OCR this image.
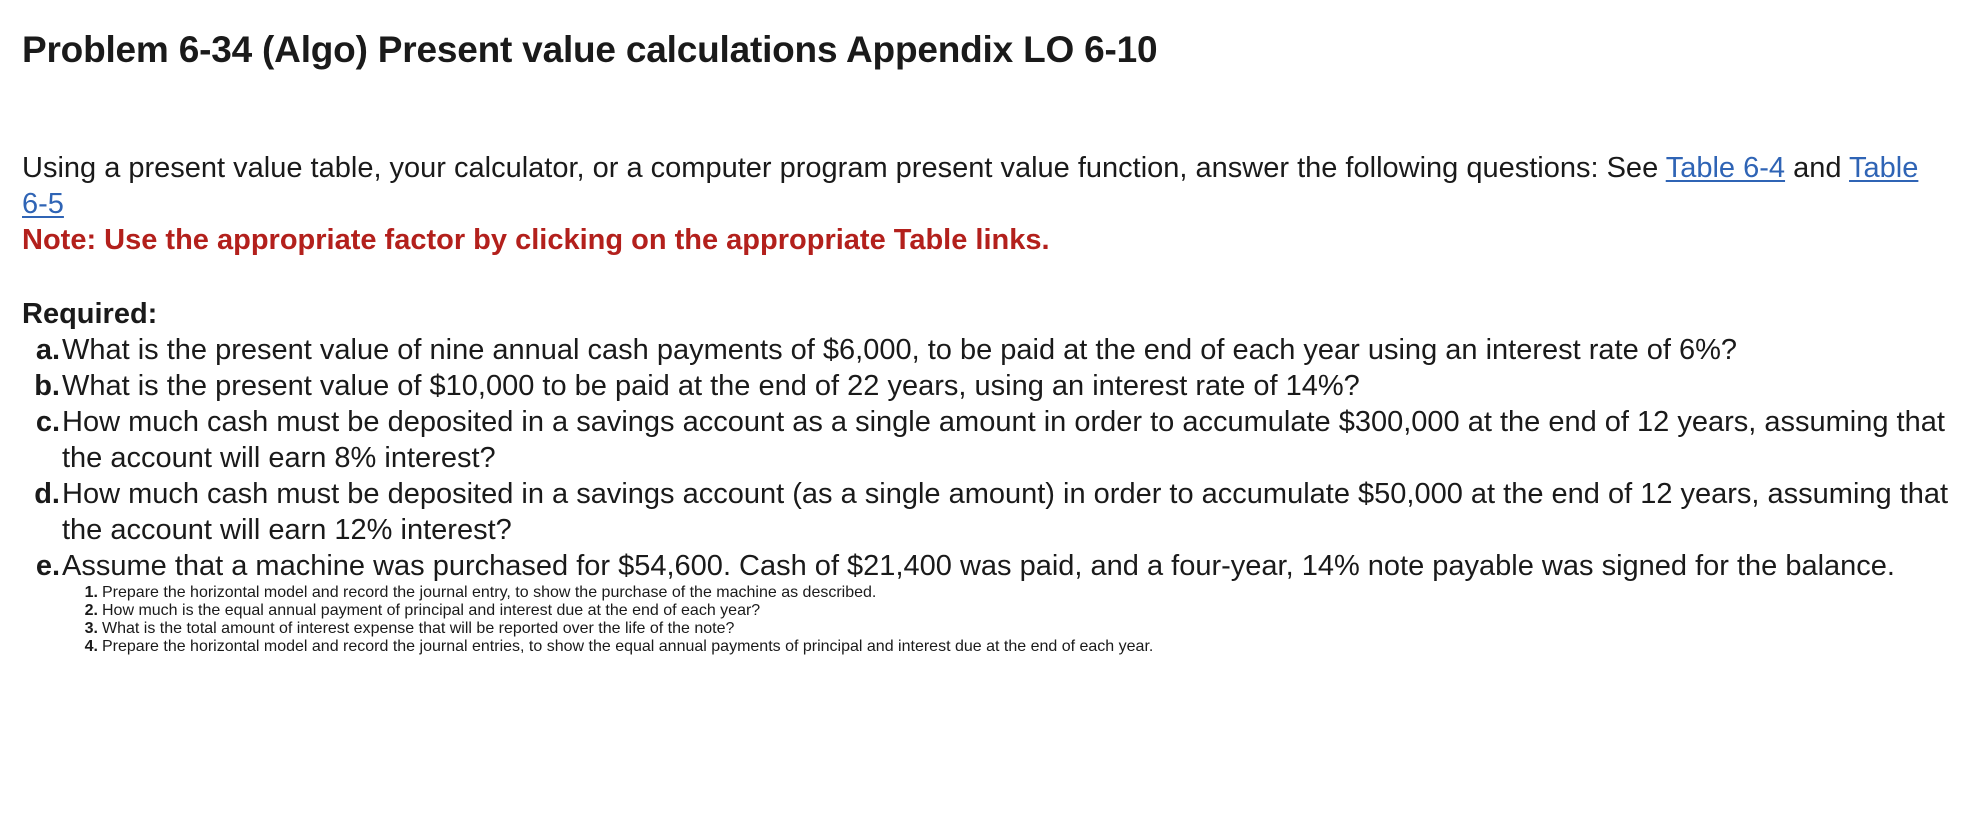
Problem 6-34 (Algo) Present value calculations Appendix LO 6-10
Using a present value table, your calculator, or a computer program present value function, answer the following questions: See Table 6-4 and Table 6-5
Note: Use the appropriate factor by clicking on the appropriate Table links.
Required:
a. What is the present value of nine annual cash payments of $6,000, to be paid at the end of each year using an interest rate of 6%?
b. What is the present value of $10,000 to be paid at the end of 22 years, using an interest rate of 14%?
c. How much cash must be deposited in a savings account as a single amount in order to accumulate $300,000 at the end of 12 years, assuming that the account will earn 8% interest?
d. How much cash must be deposited in a savings account (as a single amount) in order to accumulate $50,000 at the end of 12 years, assuming that the account will earn 12% interest?
e. Assume that a machine was purchased for $54,600. Cash of $21,400 was paid, and a four-year, 14% note payable was signed for the balance.
1. Prepare the horizontal model and record the journal entry, to show the purchase of the machine as described.
2. How much is the equal annual payment of principal and interest due at the end of each year?
3. What is the total amount of interest expense that will be reported over the life of the note?
4. Prepare the horizontal model and record the journal entries, to show the equal annual payments of principal and interest due at the end of each year.
